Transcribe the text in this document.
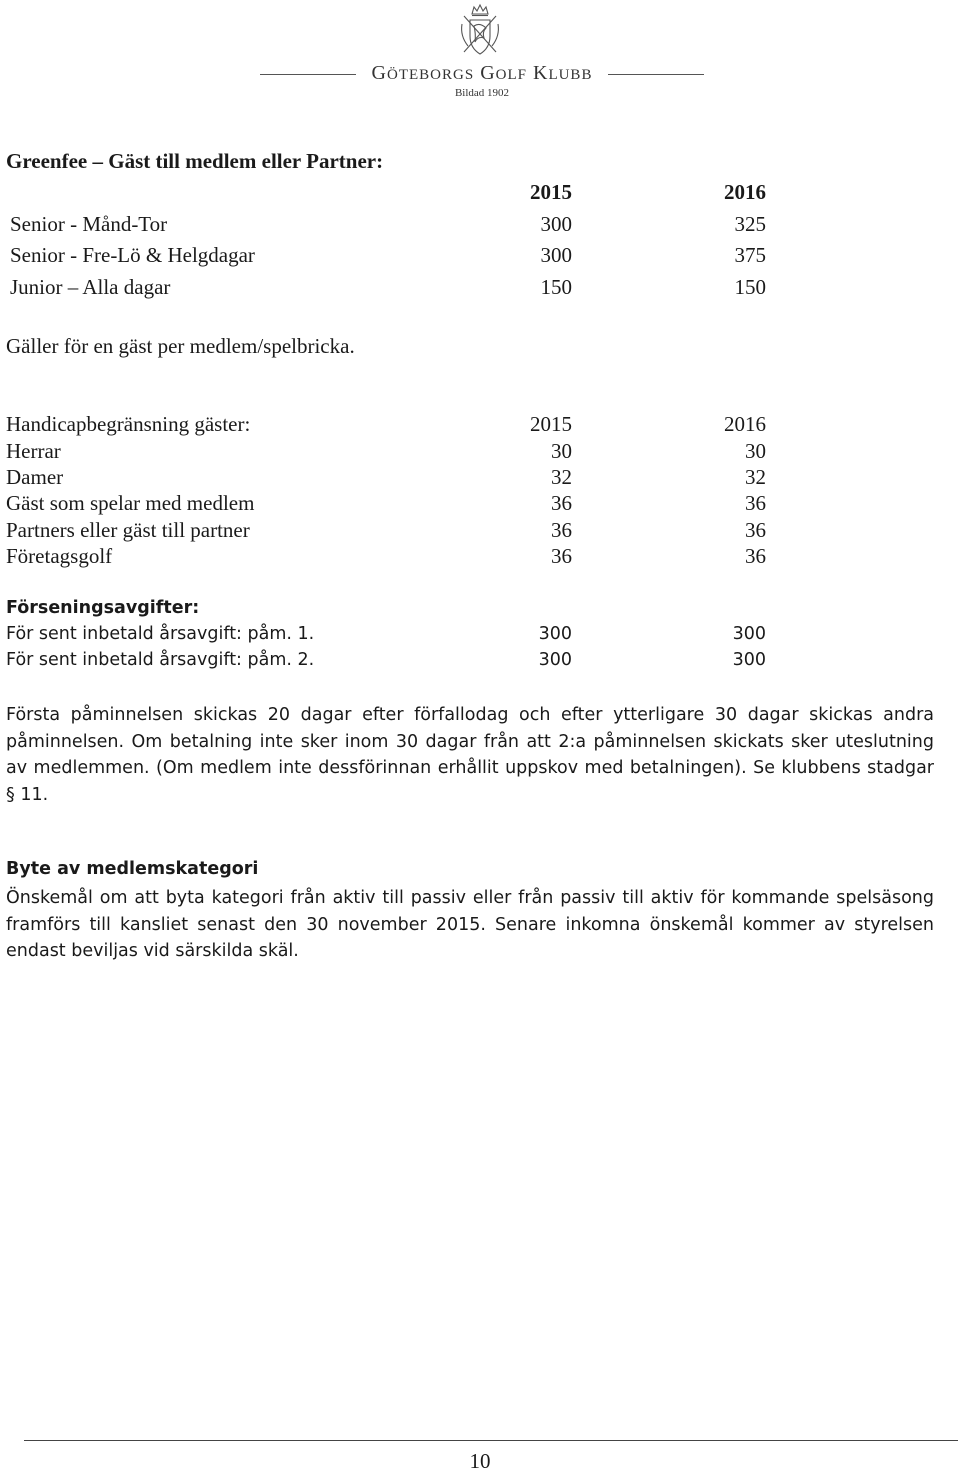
GÖTEBORGS GOLF KLUBB
Bildad 1902
Greenfee – Gäst till medlem eller Partner:
2015	2016
Senior - Månd-Tor	300	325
Senior - Fre-Lö & Helgdagar	300	375
Junior – Alla dagar	150	150
Gäller för en gäst per medlem/spelbricka.
Handicapbegränsning gäster:	2015	2016
Herrar	30	30
Damer	32	32
Gäst som spelar med medlem	36	36
Partners eller gäst till partner	36	36
Företagsgolf	36	36
Förseningsavgifter:
För sent inbetald årsavgift: påm. 1.	300	300
För sent inbetald årsavgift: påm. 2.	300	300
Första påminnelsen skickas 20 dagar efter förfallodag och efter ytterligare 30 dagar skickas andra påminnelsen. Om betalning inte sker inom 30 dagar från att 2:a påminnelsen skickats sker uteslutning av medlemmen. (Om medlem inte dessförinnan erhållit uppskov med betalningen). Se klubbens stadgar § 11.
Byte av medlemskategori
Önskemål om att byta kategori från aktiv till passiv eller från passiv till aktiv för kommande spelsäsong framförs till kansliet senast den 30 november 2015. Senare inkomna önskemål kommer av styrelsen endast beviljas vid särskilda skäl.
10
